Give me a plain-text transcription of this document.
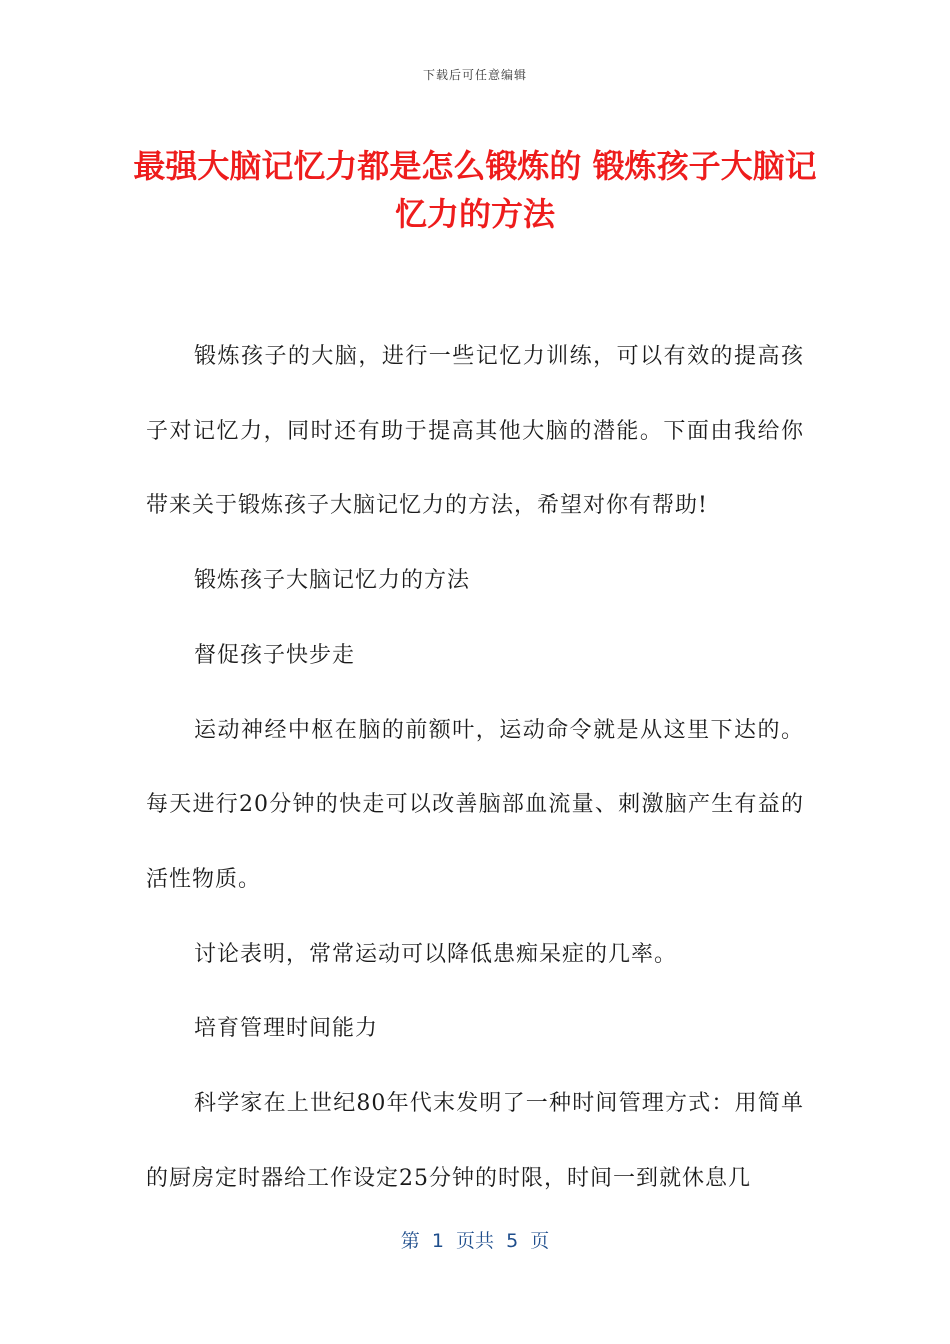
下载后可任意编辑
最强大脑记忆力都是怎么锻炼的 锻炼孩子大脑记忆力的方法

锻炼孩子的大脑，进行一些记忆力训练，可以有效的提高孩子对记忆力，同时还有助于提高其他大脑的潜能。下面由我给你带来关于锻炼孩子大脑记忆力的方法，希望对你有帮助!

锻炼孩子大脑记忆力的方法

督促孩子快步走

运动神经中枢在脑的前额叶，运动命令就是从这里下达的。每天进行20分钟的快走可以改善脑部血流量、刺激脑产生有益的活性物质。

讨论表明，常常运动可以降低患痴呆症的几率。

培育管理时间能力

科学家在上世纪80年代末发明了一种时间管理方式：用简单的厨房定时器给工作设定25分钟的时限，时间一到就休息几

第  1  页共  5  页
